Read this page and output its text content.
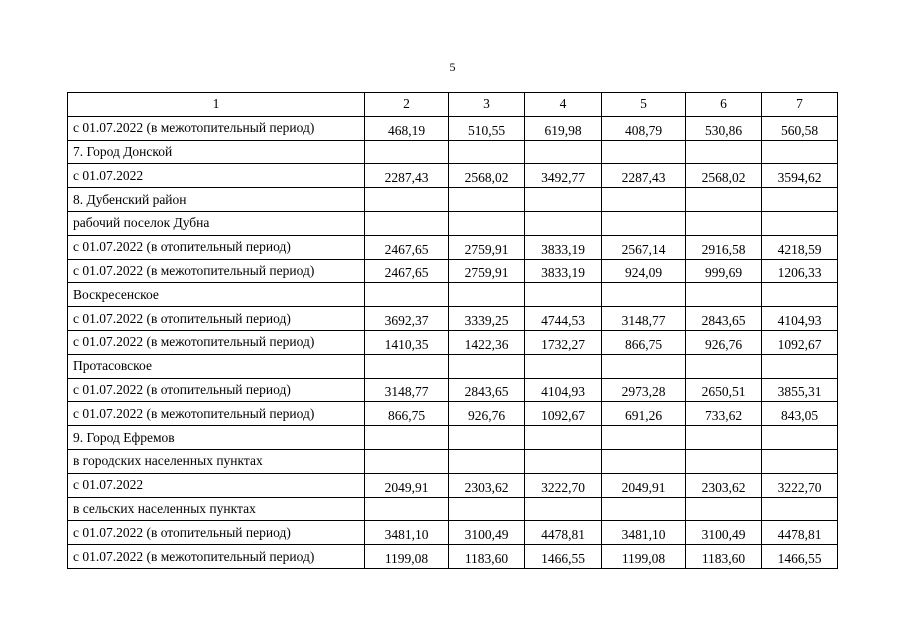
5
1	2	3	4	5	6	7
с 01.07.2022 (в межотопительный период)	468,19	510,55	619,98	408,79	530,86	560,58
7. Город Донской						
с 01.07.2022	2287,43	2568,02	3492,77	2287,43	2568,02	3594,62
8. Дубенский район						
рабочий поселок Дубна						
с 01.07.2022 (в отопительный период)	2467,65	2759,91	3833,19	2567,14	2916,58	4218,59
с 01.07.2022 (в межотопительный период)	2467,65	2759,91	3833,19	924,09	999,69	1206,33
Воскресенское						
с 01.07.2022 (в отопительный период)	3692,37	3339,25	4744,53	3148,77	2843,65	4104,93
с 01.07.2022 (в межотопительный период)	1410,35	1422,36	1732,27	866,75	926,76	1092,67
Протасовское						
с 01.07.2022 (в отопительный период)	3148,77	2843,65	4104,93	2973,28	2650,51	3855,31
с 01.07.2022 (в межотопительный период)	866,75	926,76	1092,67	691,26	733,62	843,05
9. Город Ефремов						
в городских населенных пунктах						
с 01.07.2022	2049,91	2303,62	3222,70	2049,91	2303,62	3222,70
в сельских населенных пунктах						
с 01.07.2022 (в отопительный период)	3481,10	3100,49	4478,81	3481,10	3100,49	4478,81
с 01.07.2022 (в межотопительный период)	1199,08	1183,60	1466,55	1199,08	1183,60	1466,55
